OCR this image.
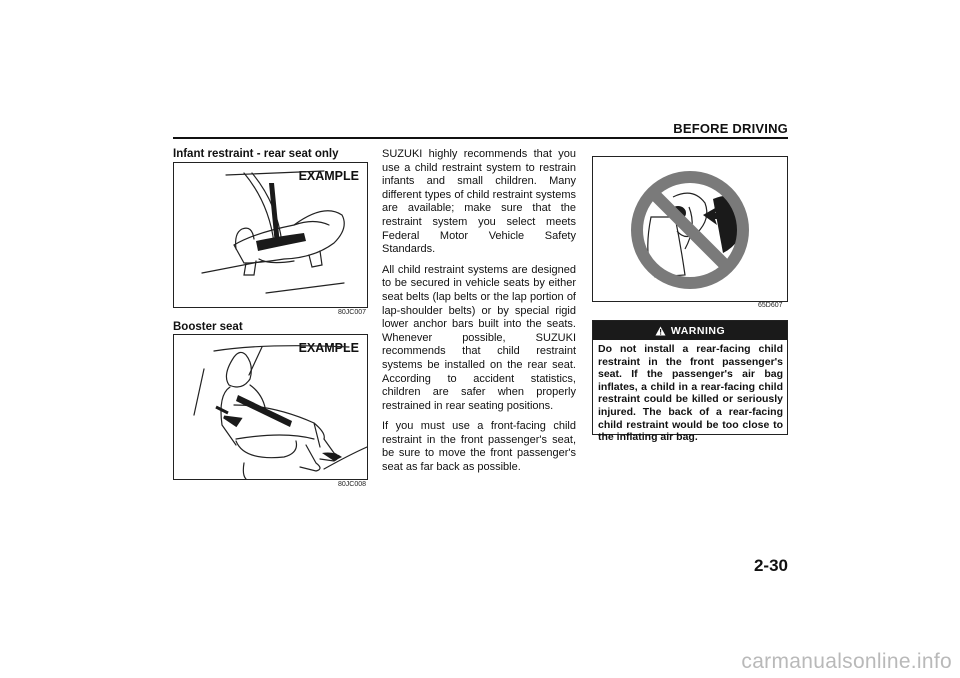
BEFORE DRIVING
Infant restraint - rear seat only
EXAMPLE
80JC007
Booster seat
EXAMPLE
80JC008

SUZUKI highly recommends that you use a child restraint system to restrain infants and small children. Many different types of child restraint systems are available; make sure that the restraint system you select meets Federal Motor Vehicle Safety Standards.

All child restraint systems are designed to be secured in vehicle seats by either seat belts (lap belts or the lap portion of lap-shoulder belts) or by special rigid lower anchor bars built into the seats. Whenever possible, SUZUKI recommends that child restraint systems be installed on the rear seat. According to accident statistics, children are safer when properly restrained in rear seating positions.

If you must use a front-facing child restraint in the front passenger's seat, be sure to move the front passenger's seat as far back as possible.

65D607
WARNING
Do not install a rear-facing child restraint in the front passenger's seat. If the passenger's air bag inflates, a child in a rear-facing child restraint could be killed or seriously injured. The back of a rear-facing child restraint would be too close to the inflating air bag.
2-30
carmanualsonline.info
